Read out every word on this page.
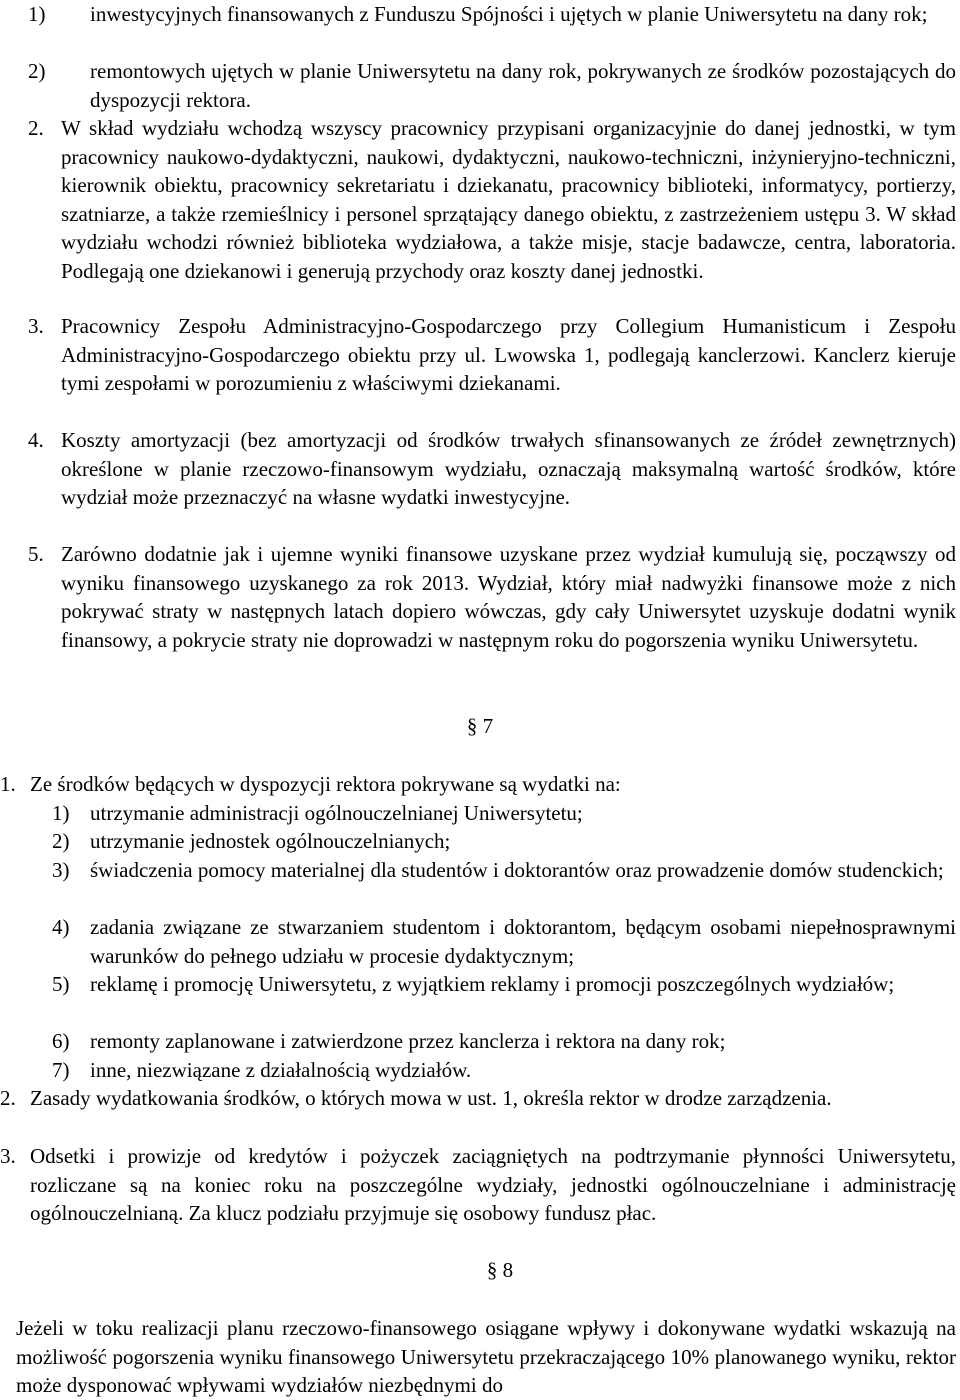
1) inwestycyjnych finansowanych z Funduszu Spójności i ujętych w planie Uniwersytetu na dany rok;
2) remontowych ujętych w planie Uniwersytetu na dany rok, pokrywanych ze środków pozostających do dyspozycji rektora.
2. W skład wydziału wchodzą wszyscy pracownicy przypisani organizacyjnie do danej jednostki, w tym pracownicy naukowo-dydaktyczni, naukowi, dydaktyczni, naukowo-techniczni, inżynieryjno-techniczni, kierownik obiektu, pracownicy sekretariatu i dziekanatu, pracownicy biblioteki, informatycy, portierzy, szatniarze, a także rzemieślnicy i personel sprzątający danego obiektu, z zastrzeżeniem ustępu 3. W skład wydziału wchodzi również biblioteka wydziałowa, a także misje, stacje badawcze, centra, laboratoria. Podlegają one dziekanowi i generują przychody oraz koszty danej jednostki.
3. Pracownicy Zespołu Administracyjno-Gospodarczego przy Collegium Humanisticum i Zespołu Administracyjno-Gospodarczego obiektu przy ul. Lwowska 1, podlegają kanclerzowi. Kanclerz kieruje tymi zespołami w porozumieniu z właściwymi dziekanami.
4. Koszty amortyzacji (bez amortyzacji od środków trwałych sfinansowanych ze źródeł zewnętrznych) określone w planie rzeczowo-finansowym wydziału, oznaczają maksymalną wartość środków, które wydział może przeznaczyć na własne wydatki inwestycyjne.
5. Zarówno dodatnie jak i ujemne wyniki finansowe uzyskane przez wydział kumulują się, począwszy od wyniku finansowego uzyskanego za rok 2013. Wydział, który miał nadwyżki finansowe może z nich pokrywać straty w następnych latach dopiero wówczas, gdy cały Uniwersytet uzyskuje dodatni wynik finansowy, a pokrycie straty nie doprowadzi w następnym roku do pogorszenia wyniku Uniwersytetu.
§ 7
1. Ze środków będących w dyspozycji rektora pokrywane są wydatki na:
1) utrzymanie administracji ogólnouczelnianej Uniwersytetu;
2) utrzymanie jednostek ogólnouczelnianych;
3) świadczenia pomocy materialnej dla studentów i doktorantów oraz prowadzenie domów studenckich;
4) zadania związane ze stwarzaniem studentom i doktorantom, będącym osobami niepełnosprawnymi warunków do pełnego udziału w procesie dydaktycznym;
5) reklamę i promocję Uniwersytetu, z wyjątkiem reklamy i promocji poszczególnych wydziałów;
6) remonty zaplanowane i zatwierdzone przez kanclerza i rektora na dany rok;
7) inne, niezwiązane z działalnością wydziałów.
2. Zasady wydatkowania środków, o których mowa w ust. 1, określa rektor w drodze zarządzenia.
3. Odsetki i prowizje od kredytów i pożyczek zaciągniętych na podtrzymanie płynności Uniwersytetu, rozliczane są na koniec roku na poszczególne wydziały, jednostki ogólnouczelniane i administrację ogólnouczelnianą. Za klucz podziału przyjmuje się osobowy fundusz płac.
§ 8
Jeżeli w toku realizacji planu rzeczowo-finansowego osiągane wpływy i dokonywane wydatki wskazują na możliwość pogorszenia wyniku finansowego Uniwersytetu przekraczającego 10% planowanego wyniku, rektor może dysponować wpływami wydziałów niezbędnymi do
